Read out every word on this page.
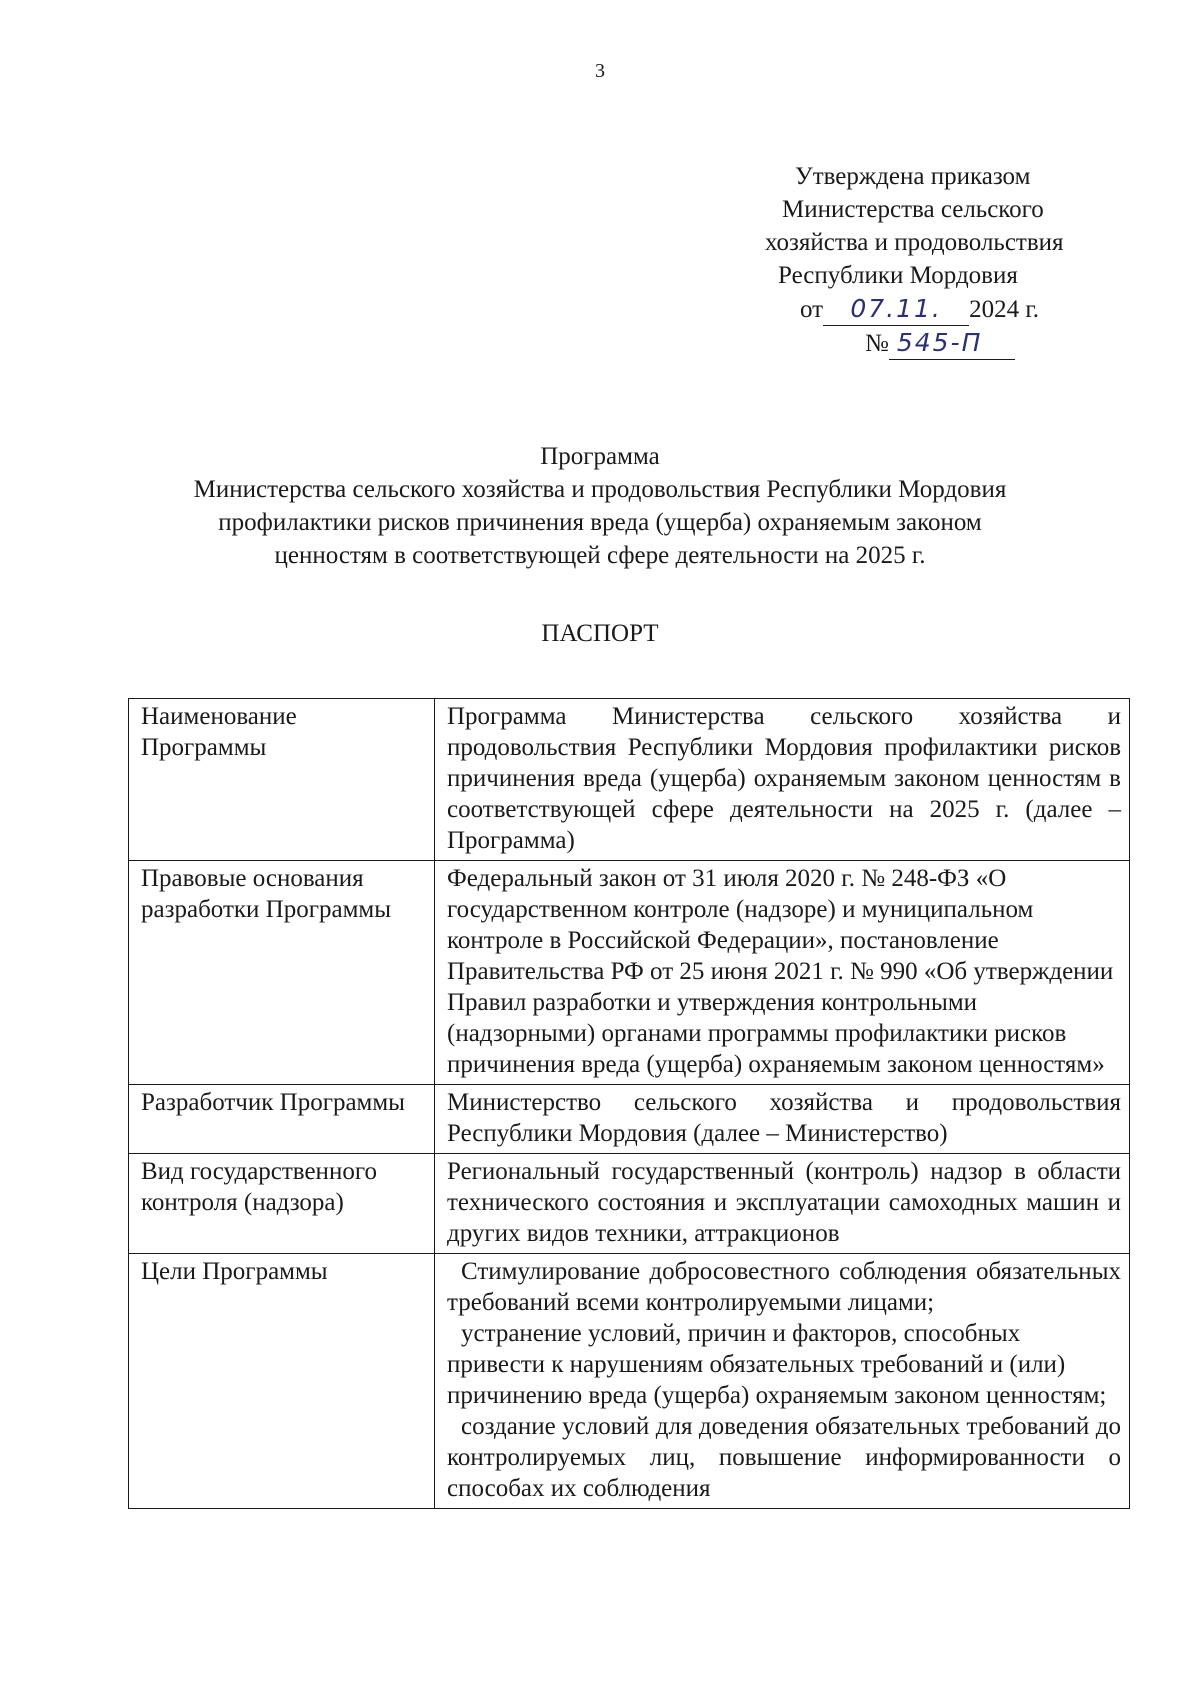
3
Утверждена приказом
Министерства сельского
хозяйства и продовольствия
Республики Мордовия
от 07.11. 2024 г.
№ 545-П
Программа
Министерства сельского хозяйства и продовольствия Республики Мордовия
профилактики рисков причинения вреда (ущерба) охраняемым законом
ценностям в соответствующей сфере деятельности на 2025 г.
ПАСПОРТ
Наименование Программы	Программа Министерства сельского хозяйства и продовольствия Республики Мордовия профилактики рисков причинения вреда (ущерба) охраняемым законом ценностям в соответствующей сфере деятельности на 2025 г. (далее – Программа)
Правовые основания разработки Программы	Федеральный закон от 31 июля 2020 г. № 248-ФЗ «О государственном контроле (надзоре) и муниципальном контроле в Российской Федерации», постановление Правительства РФ от 25 июня 2021 г. № 990 «Об утверждении Правил разработки и утверждения контрольными (надзорными) органами программы профилактики рисков причинения вреда (ущерба) охраняемым законом ценностям»
Разработчик Программы	Министерство сельского хозяйства и продовольствия Республики Мордовия (далее – Министерство)
Вид государственного контроля (надзора)	Региональный государственный (контроль) надзор в области технического состояния и эксплуатации самоходных машин и других видов техники, аттракционов
Цели Программы	Стимулирование добросовестного соблюдения обязательных требований всеми контролируемыми лицами;
устранение условий, причин и факторов, способных привести к нарушениям обязательных требований и (или) причинению вреда (ущерба) охраняемым законом ценностям;
создание условий для доведения обязательных требований до контролируемых лиц, повышение информированности о способах их соблюдения
